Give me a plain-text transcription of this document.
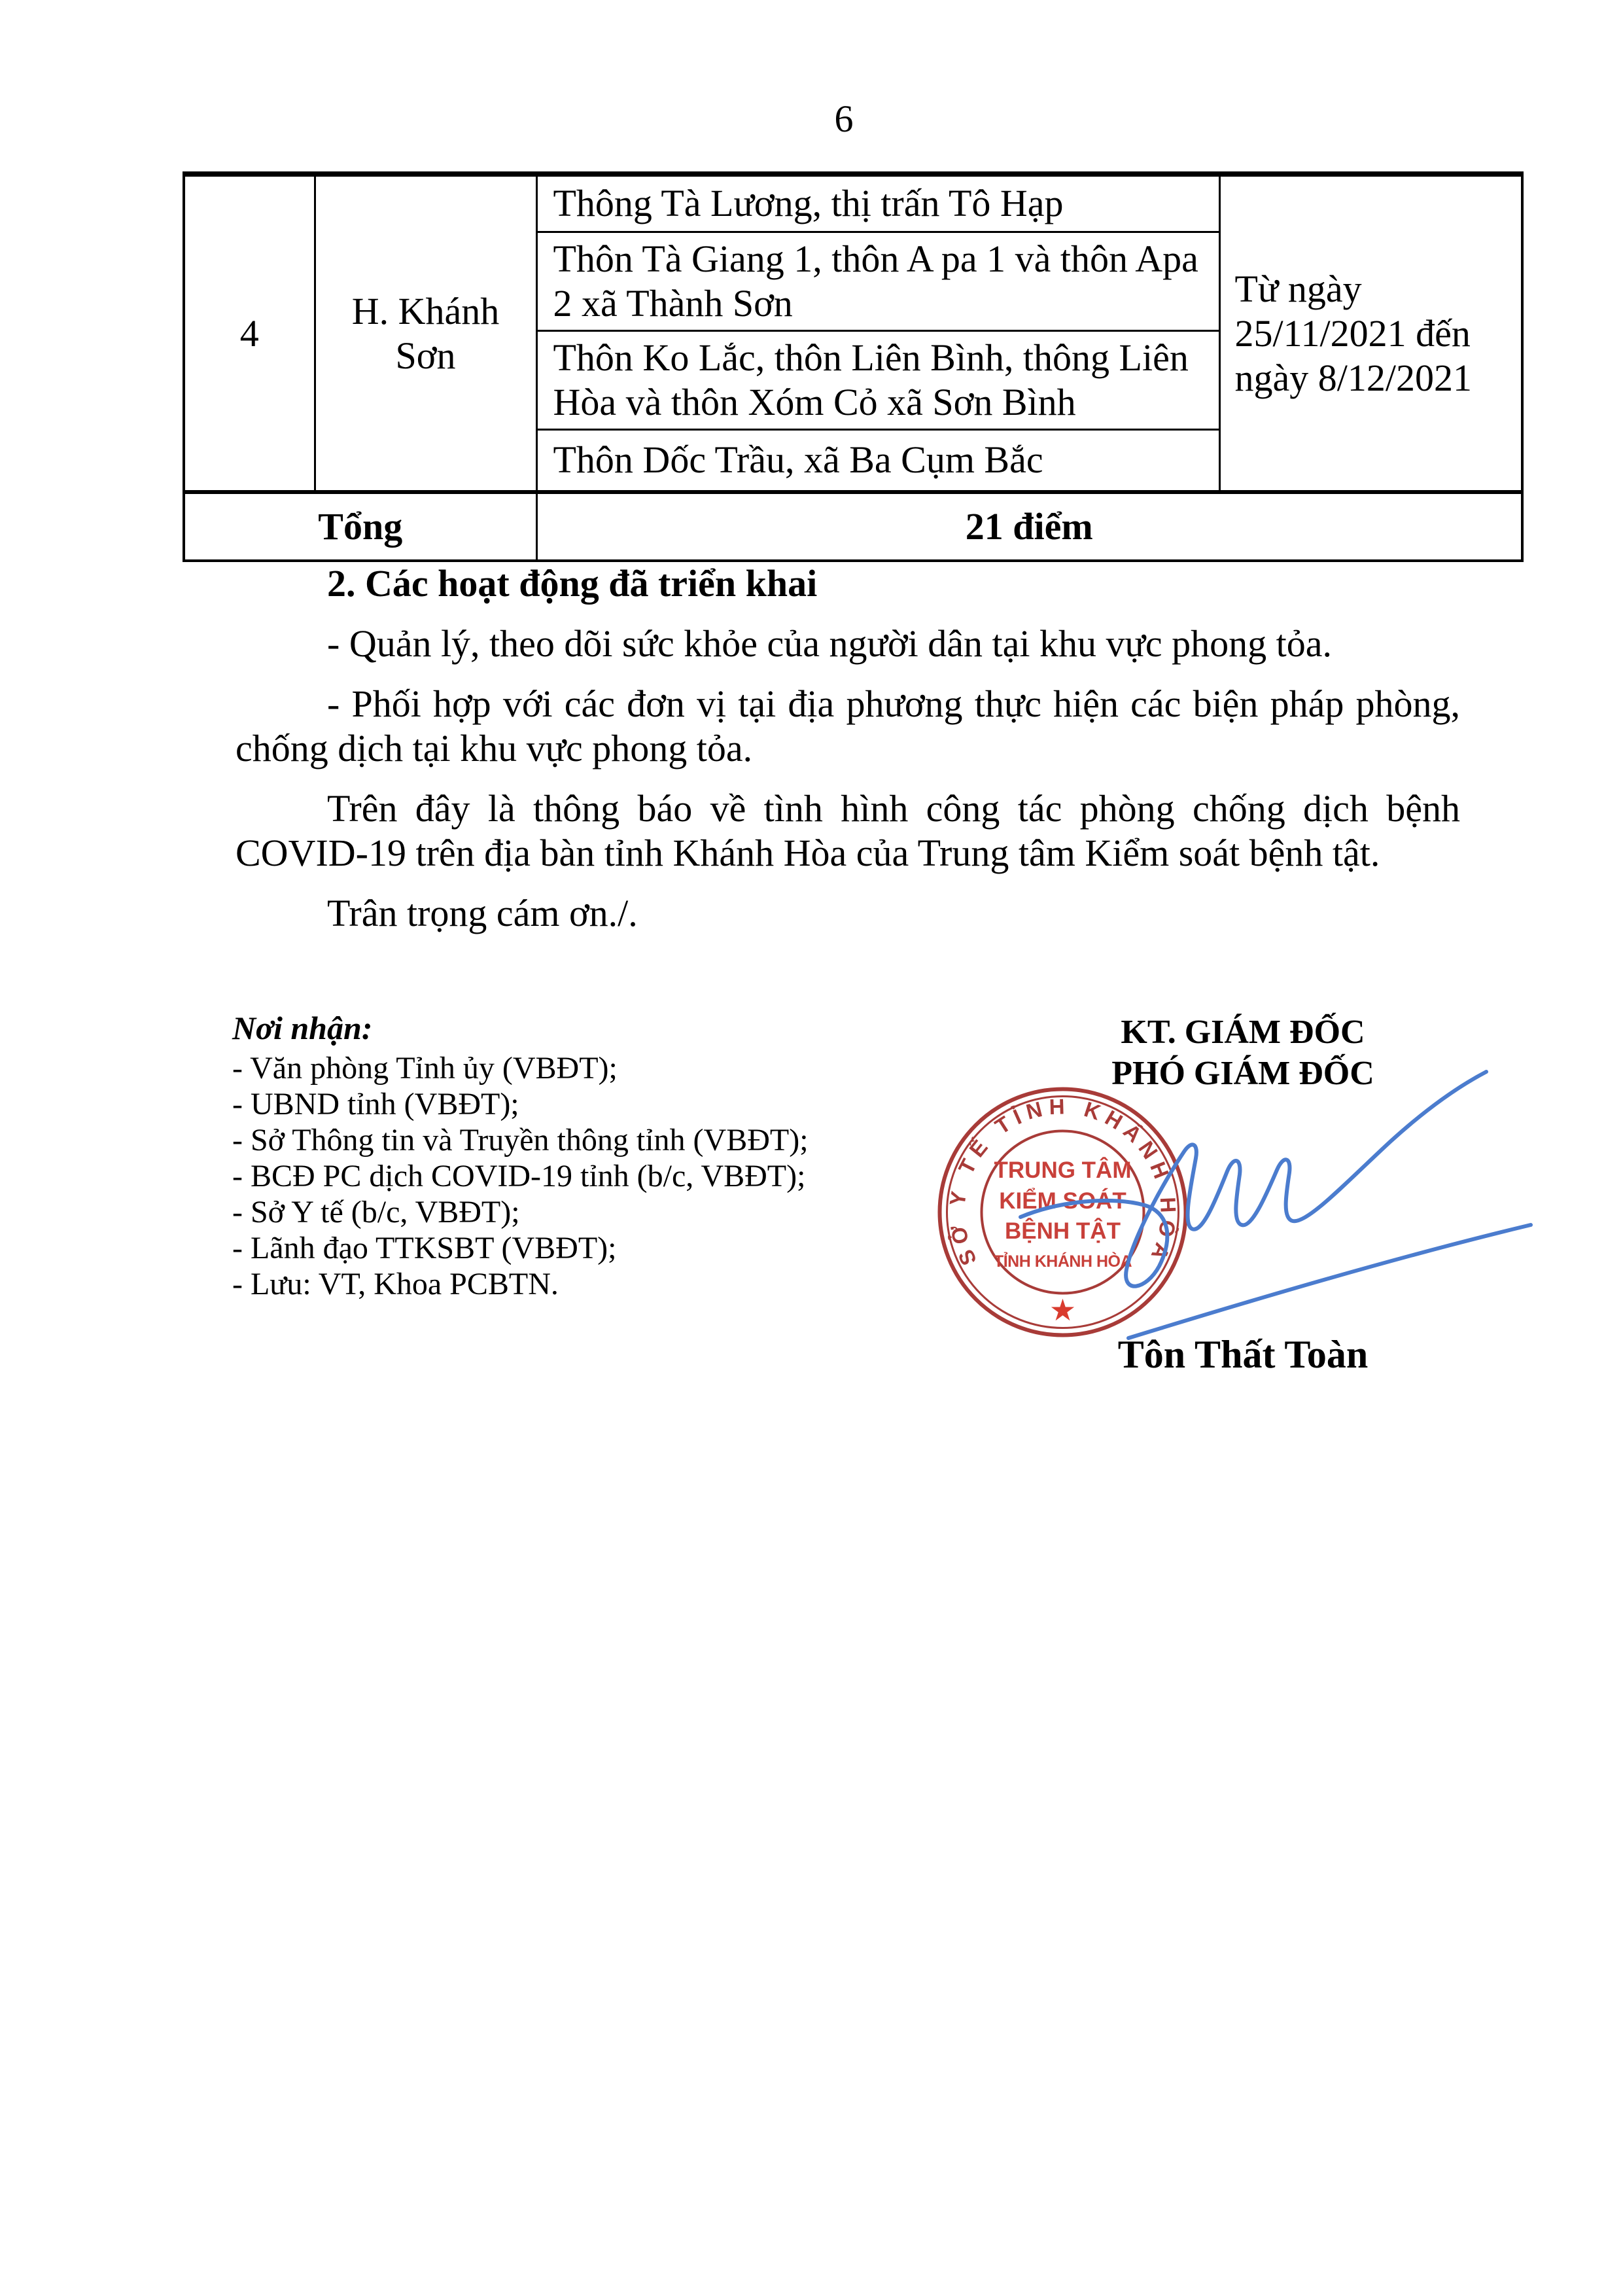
6
4	H. Khánh Sơn	Thông Tà Lương, thị trấn Tô Hạp	Từ ngày 25/11/2021 đến ngày 8/12/2021
		Thôn Tà Giang 1, thôn A pa 1 và thôn Apa 2 xã Thành Sơn	
		Thôn Ko Lắc, thôn Liên Bình, thông Liên Hòa và thôn Xóm Cỏ xã Sơn Bình	
		Thôn Dốc Trầu, xã Ba Cụm Bắc	
Tổng		21 điểm	

2. Các hoạt động đã triển khai

- Quản lý, theo dõi sức khỏe của người dân tại khu vực phong tỏa.

- Phối hợp với các đơn vị tại địa phương thực hiện các biện pháp phòng, chống dịch tại khu vực phong tỏa.

Trên đây là thông báo về tình hình công tác phòng chống dịch bệnh COVID-19 trên địa bàn tỉnh Khánh Hòa của Trung tâm Kiểm soát bệnh tật.

Trân trọng cám ơn./.

Nơi nhận:

- Văn phòng Tỉnh ủy (VBĐT);
- UBND tỉnh (VBĐT);
- Sở Thông tin và Truyền thông tỉnh (VBĐT);
- BCĐ PC dịch COVID-19 tỉnh (b/c, VBĐT);
- Sở Y tế (b/c, VBĐT);
- Lãnh đạo TTKSBT (VBĐT);
- Lưu: VT, Khoa PCBTN.
KT. GIÁM ĐỐC
PHÓ GIÁM ĐỐC
SỞ Y TẾ TỈNH KHÁNH HÒA
TRUNG TÂM
KIỂM SOÁT
BỆNH TẬT
TỈNH KHÁNH HÒA
★
Tôn Thất Toàn
